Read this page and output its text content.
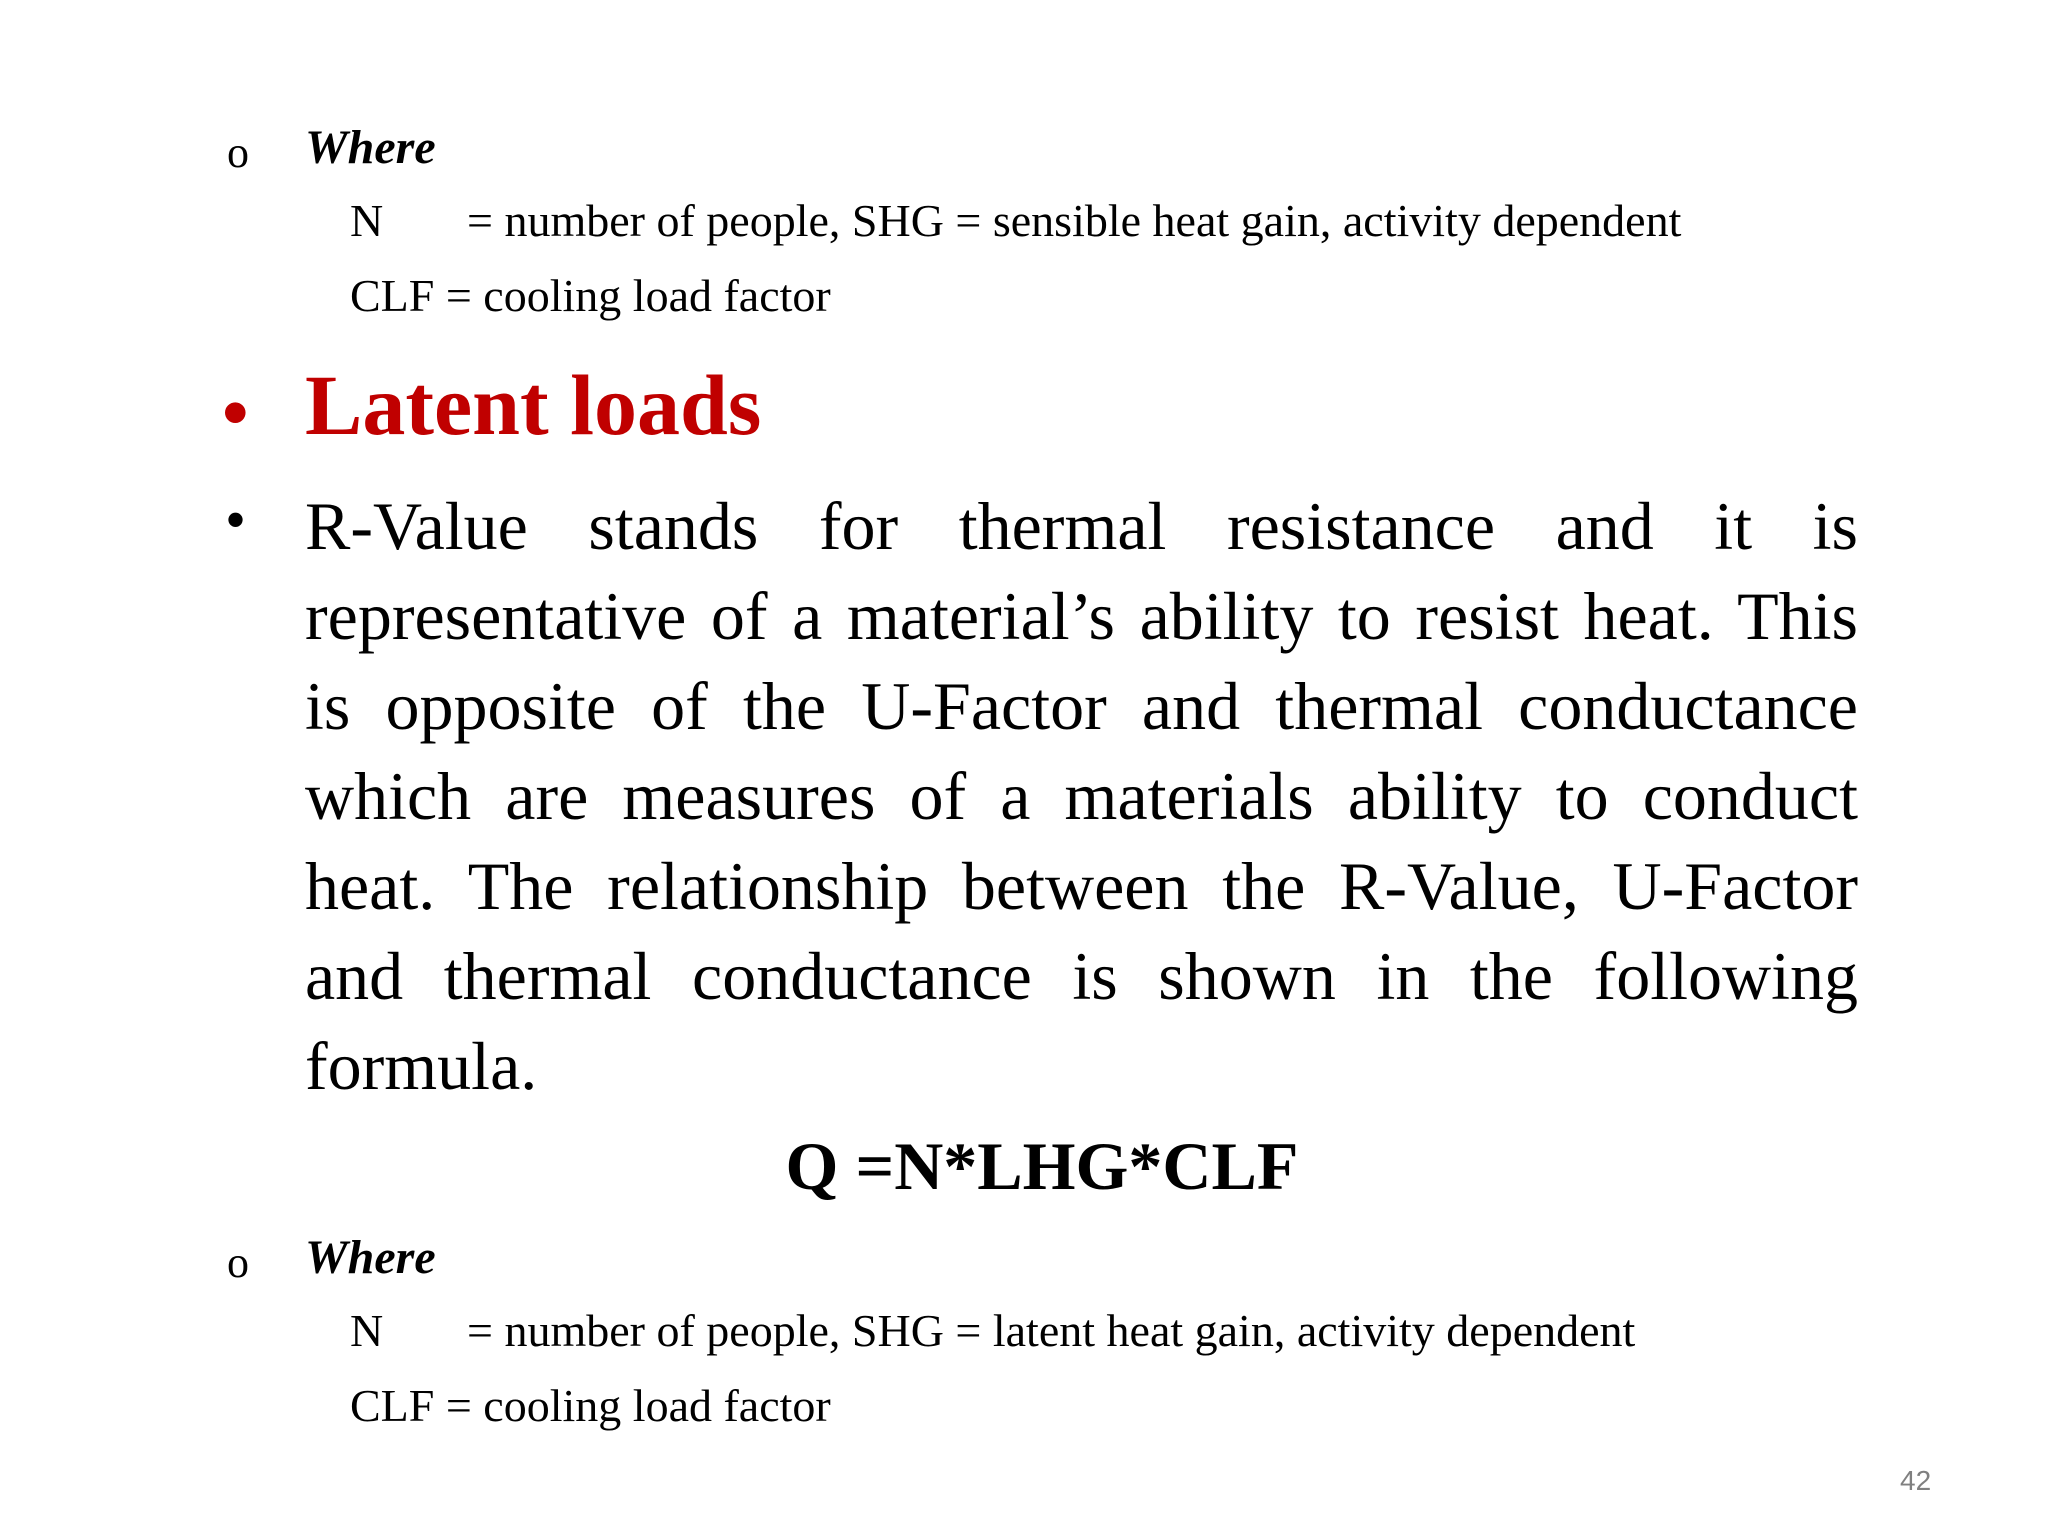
o Where
N = number of people, SHG = sensible heat gain, activity dependent
CLF = cooling load factor
• Latent loads
• R-Value stands for thermal resistance and it is representative of a material’s ability to resist heat. This is opposite of the U-Factor and thermal conductance which are measures of a materials ability to conduct heat. The relationship between the R-Value, U-Factor and thermal conductance is shown in the following formula.
Q =N*LHG*CLF
o Where
N = number of people, SHG = latent heat gain, activity dependent
CLF = cooling load factor
42
